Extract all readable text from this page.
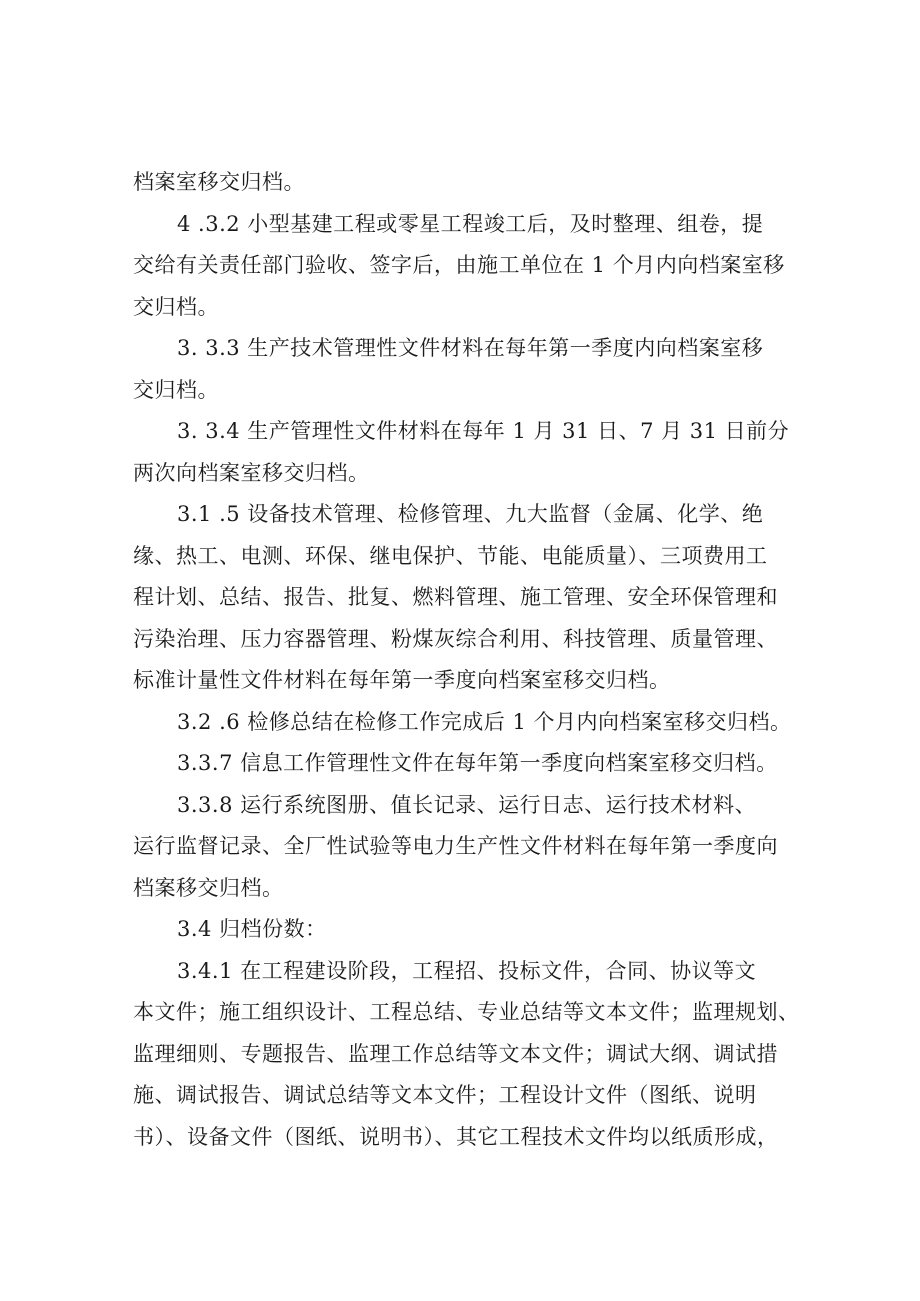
档案室移交归档。
4 .3.2 小型基建工程或零星工程竣工后，及时整理、组卷，提
交给有关责任部门验收、签字后，由施工单位在 1 个月内向档案室移
交归档。
3. 3.3 生产技术管理性文件材料在每年第一季度内向档案室移
交归档。
3. 3.4 生产管理性文件材料在每年 1 月 31 日、7 月 31 日前分
两次向档案室移交归档。
3.1 .5 设备技术管理、检修管理、九大监督（金属、化学、绝
缘、热工、电测、环保、继电保护、节能、电能质量）、三项费用工
程计划、总结、报告、批复、燃料管理、施工管理、安全环保管理和
污染治理、压力容器管理、粉煤灰综合利用、科技管理、质量管理、
标准计量性文件材料在每年第一季度向档案室移交归档。
3.2 .6 检修总结在检修工作完成后 1 个月内向档案室移交归档。
3.3.7 信息工作管理性文件在每年第一季度向档案室移交归档。
3.3.8 运行系统图册、值长记录、运行日志、运行技术材料、
运行监督记录、全厂性试验等电力生产性文件材料在每年第一季度向
档案移交归档。
3.4 归档份数：
3.4.1 在工程建设阶段，工程招、投标文件，合同、协议等文
本文件；施工组织设计、工程总结、专业总结等文本文件；监理规划、
监理细则、专题报告、监理工作总结等文本文件；调试大纲、调试措
施、调试报告、调试总结等文本文件；工程设计文件（图纸、说明
书）、设备文件（图纸、说明书）、其它工程技术文件均以纸质形成，
